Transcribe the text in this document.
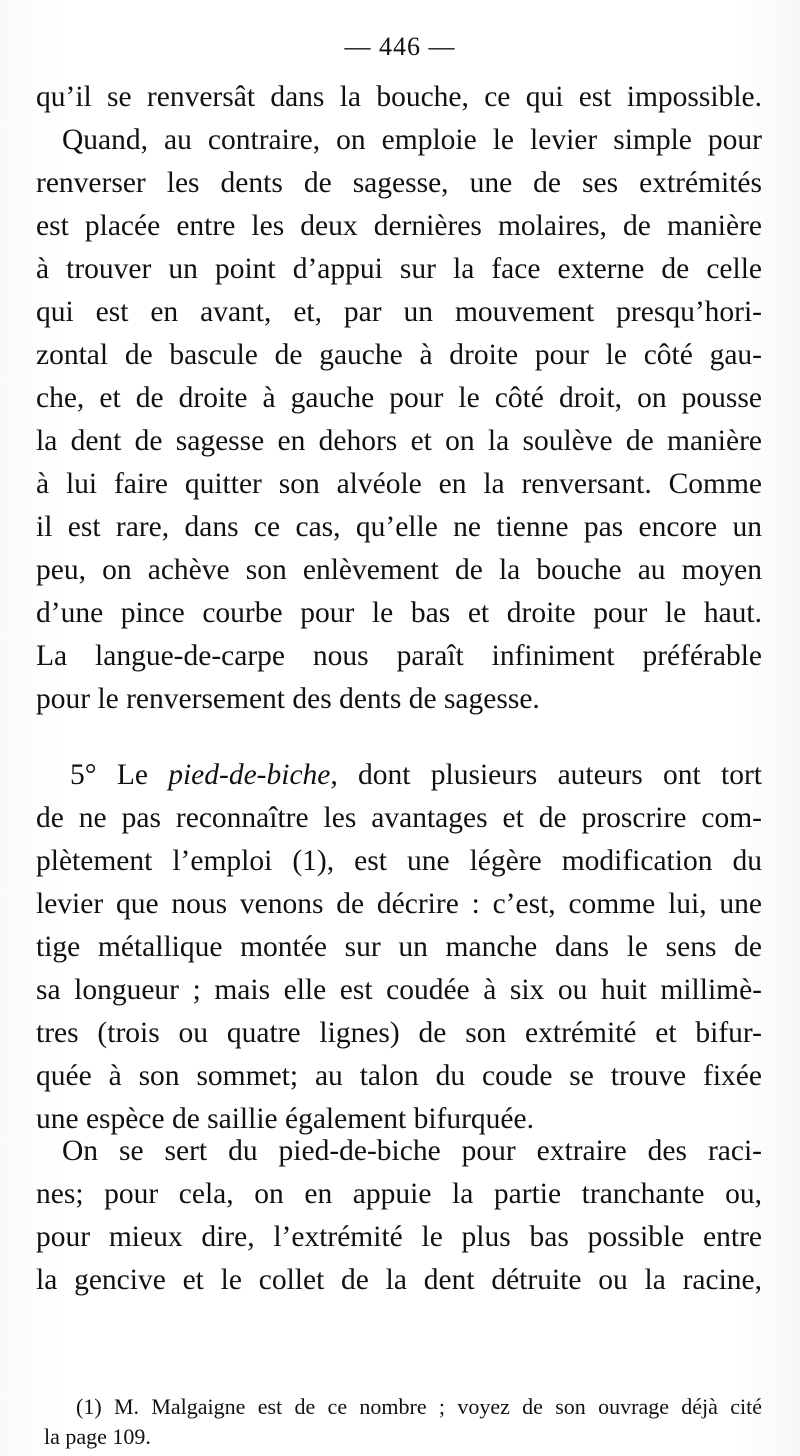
— 446 —
qu’il se renversât dans la bouche, ce qui est impossible.
Quand, au contraire, on emploie le levier simple pour
renverser les dents de sagesse, une de ses extrémités
est placée entre les deux dernières molaires, de manière
à trouver un point d’appui sur la face externe de celle
qui est en avant, et, par un mouvement presqu’hori-
zontal de bascule de gauche à droite pour le côté gau-
che, et de droite à gauche pour le côté droit, on pousse
la dent de sagesse en dehors et on la soulève de manière
à lui faire quitter son alvéole en la renversant. Comme
il est rare, dans ce cas, qu’elle ne tienne pas encore un
peu, on achève son enlèvement de la bouche au moyen
d’une pince courbe pour le bas et droite pour le haut.
La langue-de-carpe nous paraît infiniment préférable
pour le renversement des dents de sagesse.
5° Le pied-de-biche, dont plusieurs auteurs ont tort
de ne pas reconnaître les avantages et de proscrire com-
plètement l’emploi (1), est une légère modification du
levier que nous venons de décrire : c’est, comme lui, une
tige métallique montée sur un manche dans le sens de
sa longueur ; mais elle est coudée à six ou huit millimè-
tres (trois ou quatre lignes) de son extrémité et bifur-
quée à son sommet; au talon du coude se trouve fixée
une espèce de saillie également bifurquée.
On se sert du pied-de-biche pour extraire des raci-
nes; pour cela, on en appuie la partie tranchante ou,
pour mieux dire, l’extrémité le plus bas possible entre
la gencive et le collet de la dent détruite ou la racine,
(1) M. Malgaigne est de ce nombre ; voyez de son ouvrage déjà cité
la page 109.
